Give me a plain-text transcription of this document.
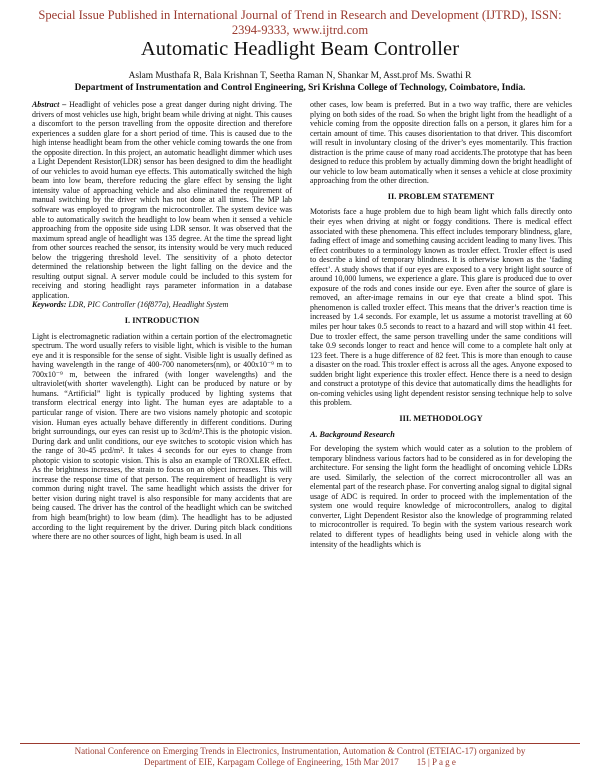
Special Issue Published in International Journal of Trend in Research and Development (IJTRD), ISSN:
2394-9333, www.ijtrd.com
Automatic Headlight Beam Controller
Aslam Musthafa R, Bala Krishnan T, Seetha Raman N, Shankar M, Asst.prof Ms. Swathi R
Department of Instrumentation and Control Engineering, Sri Krishna College of Technology, Coimbatore, India.

Abstract – Headlight of vehicles pose a great danger during night driving. The drivers of most vehicles use high, bright beam while driving at night. This causes a discomfort to the person travelling from the opposite direction and therefore experiences a sudden glare for a short period of time. This is caused due to the high intense headlight beam from the other vehicle coming towards the one from the opposite direction. In this project, an automatic headlight dimmer which uses a Light Dependent Resistor(LDR) sensor has been designed to dim the headlight of our vehicles to avoid human eye effects. This automatically switched the high beam into low beam, therefore reducing the glare effect by sensing the light intensity value of approaching vehicle and also eliminated the requirement of manual switching by the driver which has not done at all times. The MP lab software was employed to program the microcontroller. The system device was able to automatically switch the headlight to low beam when it sensed a vehicle approaching from the opposite side using LDR sensor. It was observed that the maximum spread angle of headlight was 135 degree. At the time the spread light from other sources reached the sensor, its intensity would be very much reduced below the triggering threshold level. The sensitivity of a photo detector determined the relationship between the light falling on the device and the resulting output signal. A server module could be included to this system for receiving and storing headlight rays parameter information in a database application.

Keywords: LDR, PIC Controller (16f877a), Headlight System

I. INTRODUCTION

Light is electromagnetic radiation within a certain portion of the electromagnetic spectrum. The word usually refers to visible light, which is visible to the human eye and it is responsible for the sense of sight. Visible light is usually defined as having wavelength in the range of 400-700 nanometers(nm), or 400x10⁻⁹ m to 700x10⁻⁹ m, between the infrared (with longer wavelengths) and the ultraviolet(with shorter wavelength). Light can be produced by nature or by humans. “Artificial” light is typically produced by lighting systems that transform electrical energy into light. The human eyes are adaptable to a particular range of vision. There are two visions namely photopic and scotopic vision. Human eyes actually behave differently in different conditions. During bright surroundings, our eyes can resist up to 3cd/m².This is the photopic vision. During dark and unlit conditions, our eye switches to scotopic vision which has the range of 30-45 μcd/m². It takes 4 seconds for our eyes to change from photopic vision to scotopic vision. This is also an example of TROXLER effect. As the brightness increases, the strain to focus on an object increases. This will increase the response time of that person. The requirement of headlight is very common during night travel. The same headlight which assists the driver for better vision during night travel is also responsible for many accidents that are being caused. The driver has the control of the headlight which can be switched from high beam(bright) to low beam (dim). The headlight has to be adjusted according to the light requirement by the driver. During pitch black conditions where there are no other sources of light, high beam is used. In all

other cases, low beam is preferred. But in a two way traffic, there are vehicles plying on both sides of the road. So when the bright light from the headlight of a vehicle coming from the opposite direction falls on a person, it glares him for a certain amount of time. This causes disorientation to that driver. This discomfort will result in involuntary closing of the driver’s eyes momentarily. This fraction distraction is the prime cause of many road accidents.The prototype that has been designed to reduce this problem by actually dimming down the bright headlight of our vehicle to low beam automatically when it senses a vehicle at close proximity approaching from the other direction.

II. PROBLEM STATEMENT

Motorists face a huge problem due to high beam light which falls directly onto their eyes when driving at night or foggy conditions. There is medical effect associated with these phenomena. This effect includes temporary blindness, glare, fading effect of image and something causing accident leading to many lives. This effect contributes to a terminology known as troxler effect. Troxler effect is used to describe a kind of temporary blindness. It is otherwise known as the ‘fading effect’. A study shows that if our eyes are exposed to a very bright light source of around 10,000 lumens, we experience a glare. This glare is produced due to over exposure of the rods and cones inside our eye. Even after the source of glare is removed, an after-image remains in our eye that create a blind spot. This phenomenon is called troxler effect. This means that the driver’s reaction time is increased by 1.4 seconds. For example, let us assume a motorist travelling at 60 miles per hour takes 0.5 seconds to react to a hazard and will stop within 41 feet. Due to troxler effect, the same person travelling under the same conditions will take 0.9 seconds longer to react and hence will come to a complete halt only at 123 feet. There is a huge difference of 82 feet. This is more than enough to cause a disaster on the road. This troxler effect is across all the ages. Anyone exposed to sudden bright light experience this troxler effect. Hence there is a need to design and construct a prototype of this device that automatically dims the headlights for on-coming vehicles using light dependent resistor sensing technique help to solve this problem.

III. METHODOLOGY
A. Background Research

For developing the system which would cater as a solution to the problem of temporary blindness various factors had to be considered as in for developing the architecture. For sensing the light form the headlight of oncoming vehicle LDRs are used. Similarly, the selection of the correct microcontroller all was an elemental part of the research phase. For converting analog signal to digital signal usage of ADC is required. In order to proceed with the implementation of the system one would require knowledge of microcontrollers, analog to digital converter, Light Dependent Resistor also the knowledge of programming related to microcontroller is required. To begin with the system various research work related to different types of headlights being used in vehicle along with the intensity of the headlights which is

National Conference on Emerging Trends in Electronics, Instrumentation, Automation & Control (ETEIAC-17) organized by
Department of EIE, Karpagam College of Engineering, 15th Mar 2017 15 | P a g e
